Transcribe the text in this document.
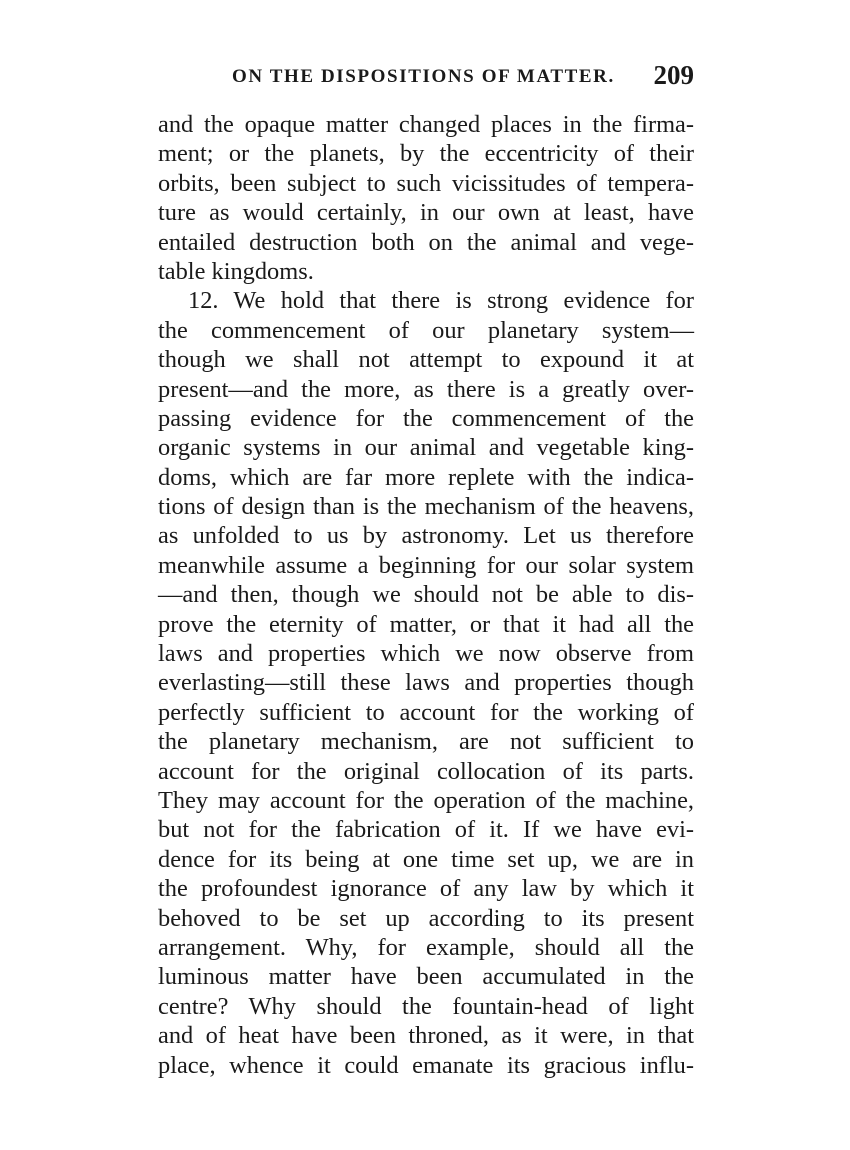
ON THE DISPOSITIONS OF MATTER. 209
and the opaque matter changed places in the firma-
ment; or the planets, by the eccentricity of their
orbits, been subject to such vicissitudes of tempera-
ture as would certainly, in our own at least, have
entailed destruction both on the animal and vege-
table kingdoms.
12. We hold that there is strong evidence for
the commencement of our planetary system—
though we shall not attempt to expound it at
present—and the more, as there is a greatly over-
passing evidence for the commencement of the
organic systems in our animal and vegetable king-
doms, which are far more replete with the indica-
tions of design than is the mechanism of the heavens,
as unfolded to us by astronomy. Let us therefore
meanwhile assume a beginning for our solar system
—and then, though we should not be able to dis-
prove the eternity of matter, or that it had all the
laws and properties which we now observe from
everlasting—still these laws and properties though
perfectly sufficient to account for the working of
the planetary mechanism, are not sufficient to
account for the original collocation of its parts.
They may account for the operation of the machine,
but not for the fabrication of it. If we have evi-
dence for its being at one time set up, we are in
the profoundest ignorance of any law by which it
behoved to be set up according to its present
arrangement. Why, for example, should all the
luminous matter have been accumulated in the
centre? Why should the fountain-head of light
and of heat have been throned, as it were, in that
place, whence it could emanate its gracious influ-
